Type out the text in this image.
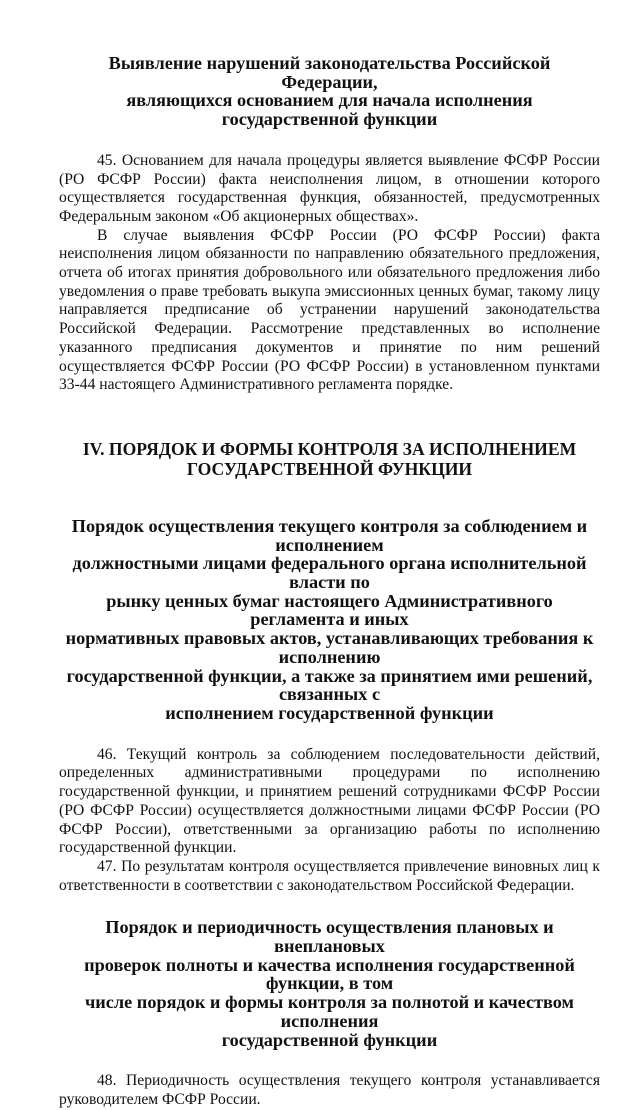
Выявление нарушений законодательства Российской Федерации,
являющихся основанием для начала исполнения
государственной функции

45. Основанием для начала процедуры является выявление ФСФР России (РО ФСФР России) факта неисполнения лицом, в отношении которого осуществляется государственная функция, обязанностей, предусмотренных Федеральным законом «Об акционерных обществах».

В случае выявления ФСФР России (РО ФСФР России) факта неисполнения лицом обязанности по направлению обязательного предложения, отчета об итогах принятия добровольного или обязательного предложения либо уведомления о праве требовать выкупа эмиссионных ценных бумаг, такому лицу направляется предписание об устранении нарушений законодательства Российской Федерации. Рассмотрение представленных во исполнение указанного предписания документов и принятие по ним решений осуществляется ФСФР России (РО ФСФР России) в установленном пунктами 33-44 настоящего Административного регламента порядке.

IV. ПОРЯДОК И ФОРМЫ КОНТРОЛЯ ЗА ИСПОЛНЕНИЕМ
ГОСУДАРСТВЕННОЙ ФУНКЦИИ
Порядок осуществления текущего контроля за соблюдением и исполнением
должностными лицами федерального органа исполнительной власти по
рынку ценных бумаг настоящего Административного регламента и иных
нормативных правовых актов, устанавливающих требования к исполнению
государственной функции, а также за принятием ими решений, связанных с
исполнением государственной функции

46. Текущий контроль за соблюдением последовательности действий, определенных административными процедурами по исполнению государственной функции, и принятием решений сотрудниками ФСФР России (РО ФСФР России) осуществляется должностными лицами ФСФР России (РО ФСФР России), ответственными за организацию работы по исполнению государственной функции.

47. По результатам контроля осуществляется привлечение виновных лиц к ответственности в соответствии с законодательством Российской Федерации.

Порядок и периодичность осуществления плановых и внеплановых
проверок полноты и качества исполнения государственной функции, в том
числе порядок и формы контроля за полнотой и качеством исполнения
государственной функции

48. Периодичность осуществления текущего контроля устанавливается руководителем ФСФР России.
